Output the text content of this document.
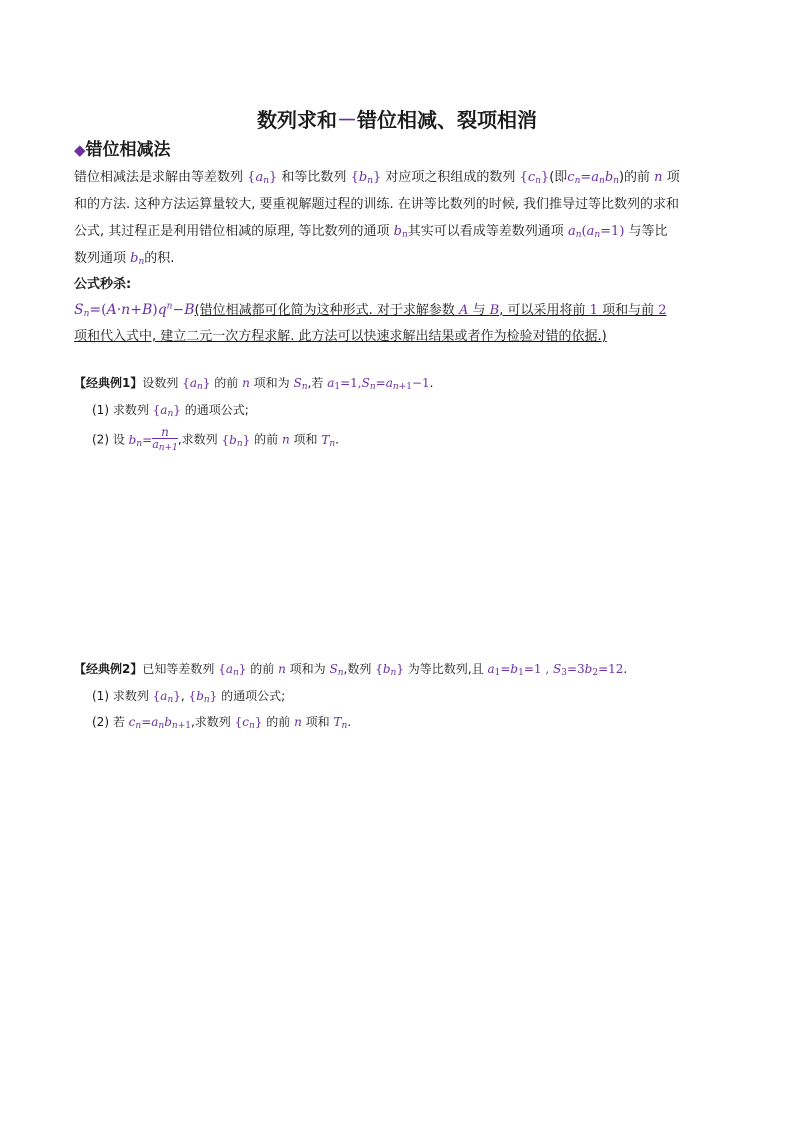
数列求和－错位相减、裂项相消
◆错位相减法
错位相减法是求解由等差数列 $\{a_n\}$ 和等比数列 $\{b_n\}$ 对应项之积组成的数列 $\{c_n\}$(即$c_n=a_nb_n$)的前 n 项
和的方法. 这种方法运算量较大, 要重视解题过程的训练. 在讲等比数列的时候, 我们推导过等比数列的求和
公式, 其过程正是利用错位相减的原理, 等比数列的通项 $b_n$其实可以看成等差数列通项 $a_n(a_n=1)$ 与等比
数列通项 $b_n$的积.
公式秒杀:
$S_n=(A\cdot n+B)q^n-B$(错位相减都可化简为这种形式. 对于求解参数 A 与 B, 可以采用将前 1 项和与前 2
项和代入式中, 建立二元一次方程求解. 此方法可以快速求解出结果或者作为检验对错的依据.)
【经典例1】设数列 $\{a_n\}$ 的前 n 项和为 $S_n$,若 $a_1=1,S_n=a_{n+1}-1$.
(1) 求数列 $\{a_n\}$ 的通项公式;
(2) 设 $b_n= \frac{n}{a_{n+1}}$ ,求数列 $\{b_n\}$ 的前 n 项和 $T_n$.
【经典例2】已知等差数列 $\{a_n\}$ 的前 n 项和为 $S_n$,数列 $\{b_n\}$ 为等比数列,且 $a_1=b_1=1$ , $S_3=3b_2=12$.
(1) 求数列 $\{a_n\}$, $\{b_n\}$ 的通项公式;
(2) 若 $c_n=a_nb_{n+1}$,求数列 $\{c_n\}$ 的前 n 项和 $T_n$.
